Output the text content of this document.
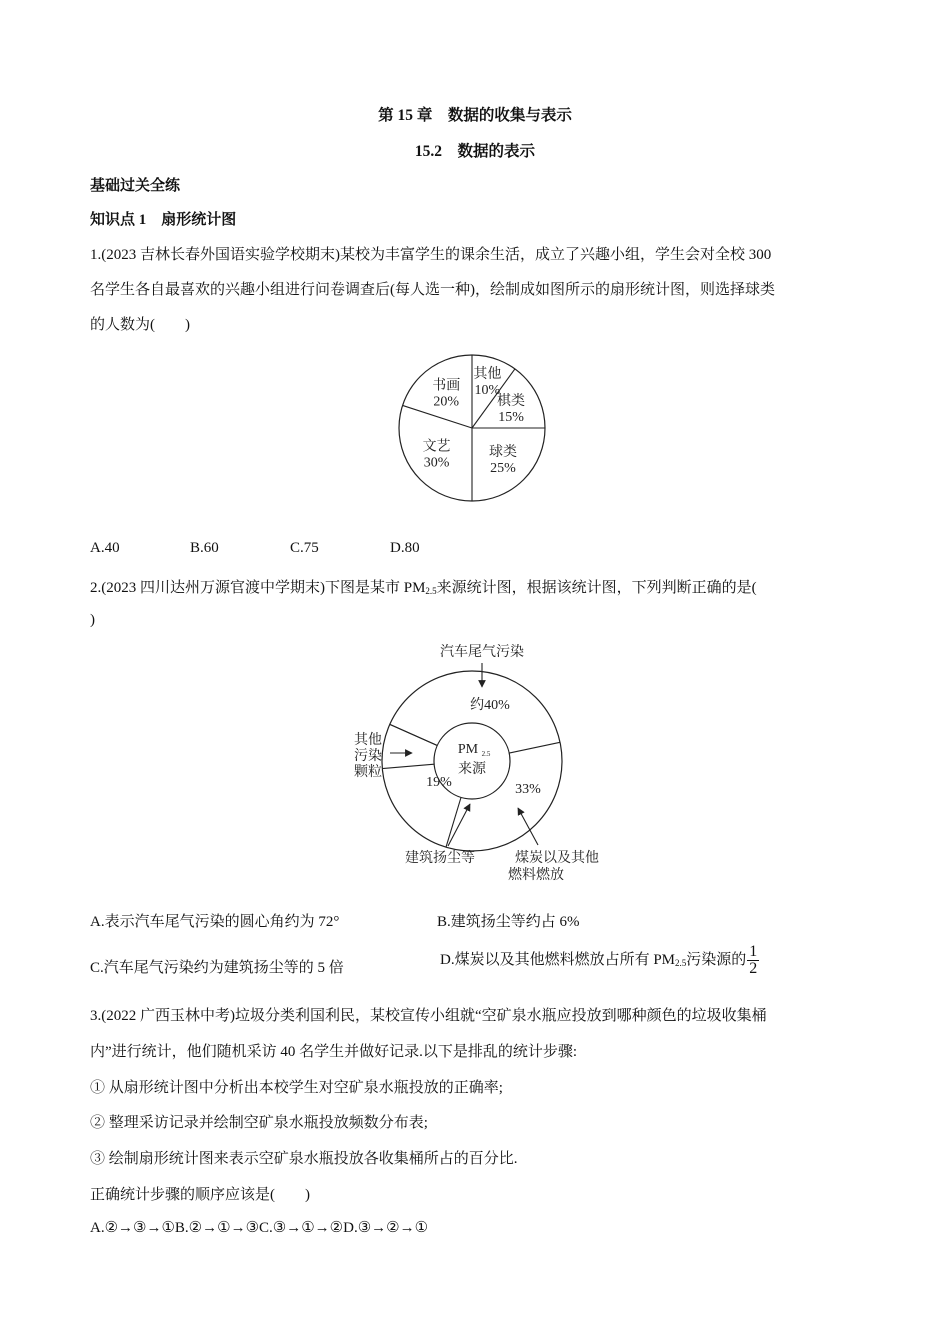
第 15 章　数据的收集与表示
15.2　数据的表示
基础过关全练
知识点 1　扇形统计图
1.(2023 吉林长春外国语实验学校期末)某校为丰富学生的课余生活，成立了兴趣小组，学生会对全校 300
名学生各自最喜欢的兴趣小组进行问卷调查后(每人选一种)，绘制成如图所示的扇形统计图，则选择球类
的人数为(　　)
其他
10%
棋类
15%
球类
25%
文艺
30%
书画
20%
A.40	B.60	C.75	D.80
2.(2023 四川达州万源官渡中学期末)下图是某市 $PM_{2.5}$来源统计图，根据该统计图，下列判断正确的是(
)
PM 2.5
来源
约40%
33%
19%
汽车尾气污染
其他
污染
颗粒
建筑扬尘等	煤炭以及其他
燃料燃放
A.表示汽车尾气污染的圆心角约为 72°	B.建筑扬尘等约占 6%
C.汽车尾气污染约为建筑扬尘等的 5 倍
D.煤炭以及其他燃料燃放占所有 $PM_{2.5}$污染源的 $\frac{1}{2}$
3.(2022 广西玉林中考)垃圾分类利国利民，某校宣传小组就“空矿泉水瓶应投放到哪种颜色的垃圾收集桶
内”进行统计，他们随机采访 40 名学生并做好记录.以下是排乱的统计步骤:
① 从扇形统计图中分析出本校学生对空矿泉水瓶投放的正确率;
② 整理采访记录并绘制空矿泉水瓶投放频数分布表;
③ 绘制扇形统计图来表示空矿泉水瓶投放各收集桶所占的百分比.
正确统计步骤的顺序应该是(　　)
A.②→③→①B.②→①→③C.③→①→②D.③→②→①
